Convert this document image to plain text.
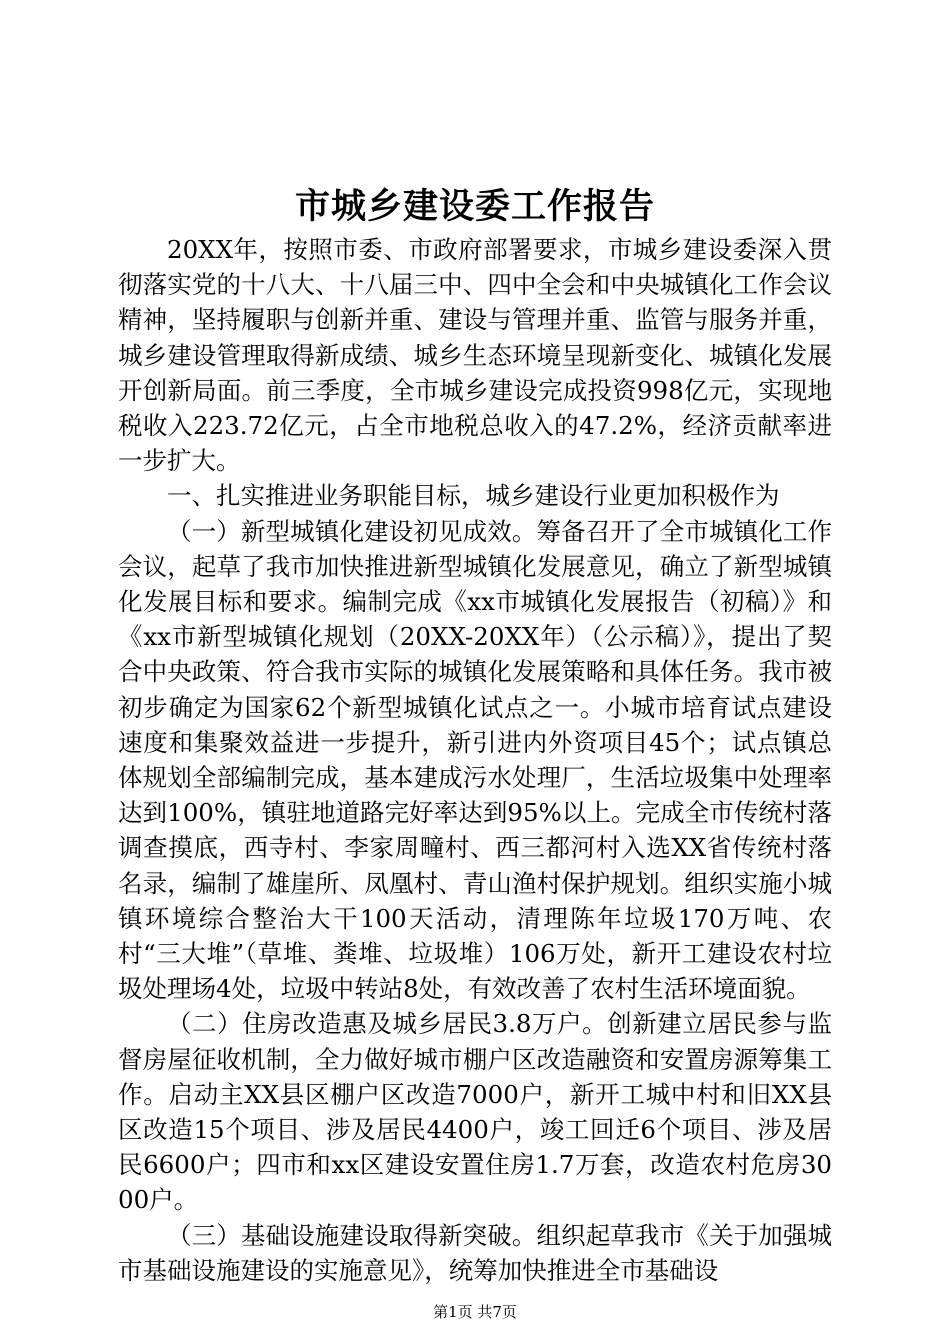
市城乡建设委工作报告

20XX年，按照市委、市政府部署要求，市城乡建设委深入贯彻落实党的十八大、十八届三中、四中全会和中央城镇化工作会议精神，坚持履职与创新并重、建设与管理并重、监管与服务并重，城乡建设管理取得新成绩、城乡生态环境呈现新变化、城镇化发展开创新局面。前三季度，全市城乡建设完成投资998亿元，实现地税收入223.72亿元，占全市地税总收入的47.2%，经济贡献率进一步扩大。

一、扎实推进业务职能目标，城乡建设行业更加积极作为

（一）新型城镇化建设初见成效。筹备召开了全市城镇化工作会议，起草了我市加快推进新型城镇化发展意见，确立了新型城镇化发展目标和要求。编制完成《xx市城镇化发展报告（初稿）》和《xx市新型城镇化规划（20XX-20XX年）（公示稿）》，提出了契合中央政策、符合我市实际的城镇化发展策略和具体任务。我市被初步确定为国家62个新型城镇化试点之一。小城市培育试点建设速度和集聚效益进一步提升，新引进内外资项目45个；试点镇总体规划全部编制完成，基本建成污水处理厂，生活垃圾集中处理率达到100%，镇驻地道路完好率达到95%以上。完成全市传统村落调查摸底，西寺村、李家周疃村、西三都河村入选XX省传统村落名录，编制了雄崖所、凤凰村、青山渔村保护规划。组织实施小城镇环境综合整治大干100天活动，清理陈年垃圾170万吨、农村“三大堆”（草堆、粪堆、垃圾堆）106万处，新开工建设农村垃圾处理场4处，垃圾中转站8处，有效改善了农村生活环境面貌。

（二）住房改造惠及城乡居民3.8万户。创新建立居民参与监督房屋征收机制，全力做好城市棚户区改造融资和安置房源筹集工作。启动主XX县区棚户区改造7000户，新开工城中村和旧XX县区改造15个项目、涉及居民4400户，竣工回迁6个项目、涉及居民6600户；四市和xx区建设安置住房1.7万套，改造农村危房3000户。

（三）基础设施建设取得新突破。组织起草我市《关于加强城市基础设施建设的实施意见》，统筹加快推进全市基础设

第1页 共7页
